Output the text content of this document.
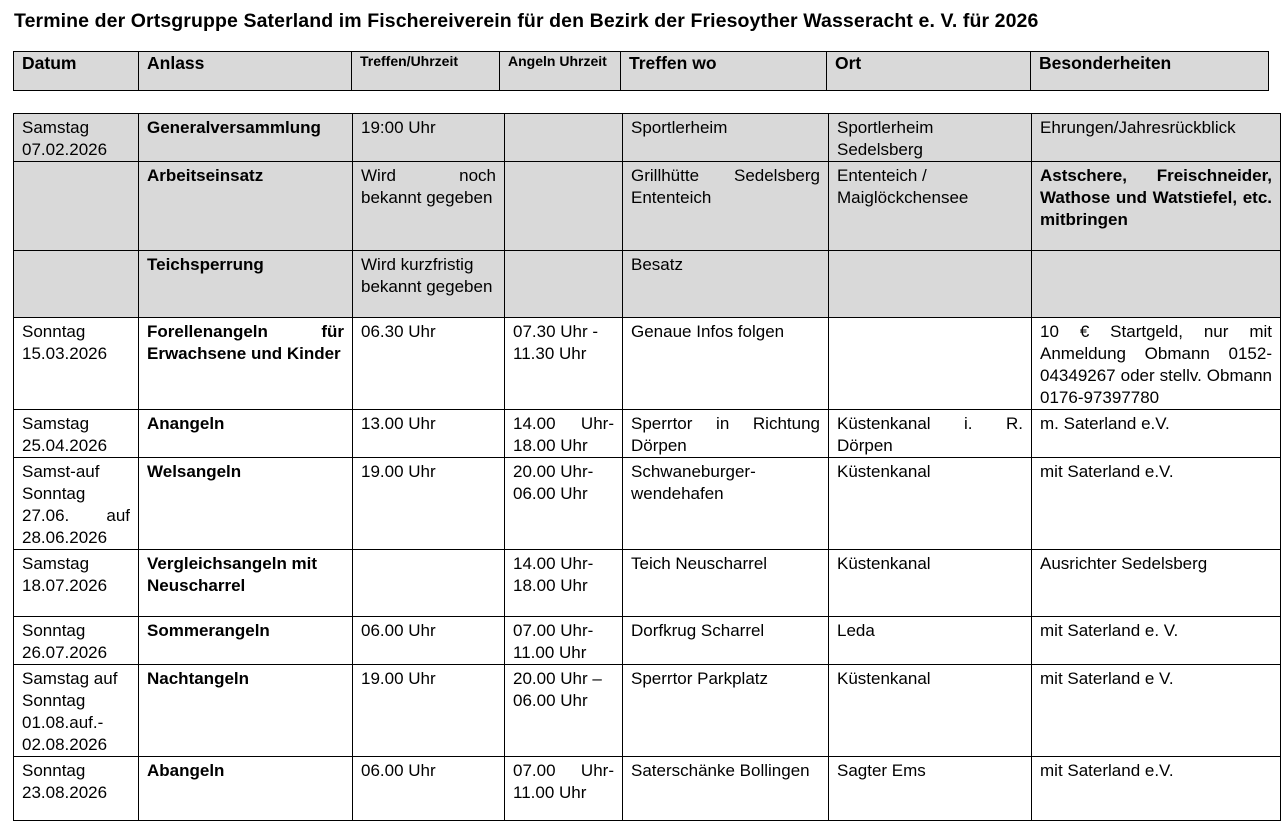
Termine der Ortsgruppe Saterland im Fischereiverein für den Bezirk der Friesoyther Wasseracht e. V. für 2026
Datum	Anlass	Treffen/Uhrzeit	Angeln Uhrzeit	Treffen wo	Ort	Besonderheiten
Samstag 07.02.2026	Generalversammlung	19:00 Uhr		Sportlerheim	Sportlerheim Sedelsberg	Ehrungen/Jahresrückblick
	Arbeitseinsatz	Wird noch bekannt gegeben		Grillhütte Sedelsberg Ententeich	Ententeich / Maiglöckchensee	Astschere, Freischneider, Wathose und Watstiefel, etc. mitbringen
	Teichsperrung	Wird kurzfristig bekannt gegeben		Besatz		
Sonntag 15.03.2026	Forellenangeln für Erwachsene und Kinder	06.30 Uhr	07.30 Uhr - 11.30 Uhr	Genaue Infos folgen		10 € Startgeld, nur mit Anmeldung Obmann 0152-04349267 oder stellv. Obmann 0176-97397780
Samstag 25.04.2026	Anangeln	13.00 Uhr	14.00 Uhr- 18.00 Uhr	Sperrtor in Richtung Dörpen	Küstenkanal i. R. Dörpen	m. Saterland e.V.
Samst-auf Sonntag 27.06. auf 28.06.2026	Welsangeln	19.00 Uhr	20.00 Uhr- 06.00 Uhr	Schwaneburger- wendehafen	Küstenkanal	mit Saterland e.V.
Samstag 18.07.2026	Vergleichsangeln mit Neuscharrel		14.00 Uhr- 18.00 Uhr	Teich Neuscharrel	Küstenkanal	Ausrichter Sedelsberg
Sonntag 26.07.2026	Sommerangeln	06.00 Uhr	07.00 Uhr- 11.00 Uhr	Dorfkrug Scharrel	Leda	mit Saterland e. V.
Samstag auf Sonntag 01.08.auf.- 02.08.2026	Nachtangeln	19.00 Uhr	20.00 Uhr – 06.00 Uhr	Sperrtor Parkplatz	Küstenkanal	mit Saterland e V.
Sonntag 23.08.2026	Abangeln	06.00 Uhr	07.00 Uhr- 11.00 Uhr	Saterschänke Bollingen	Sagter Ems	mit Saterland e.V.
